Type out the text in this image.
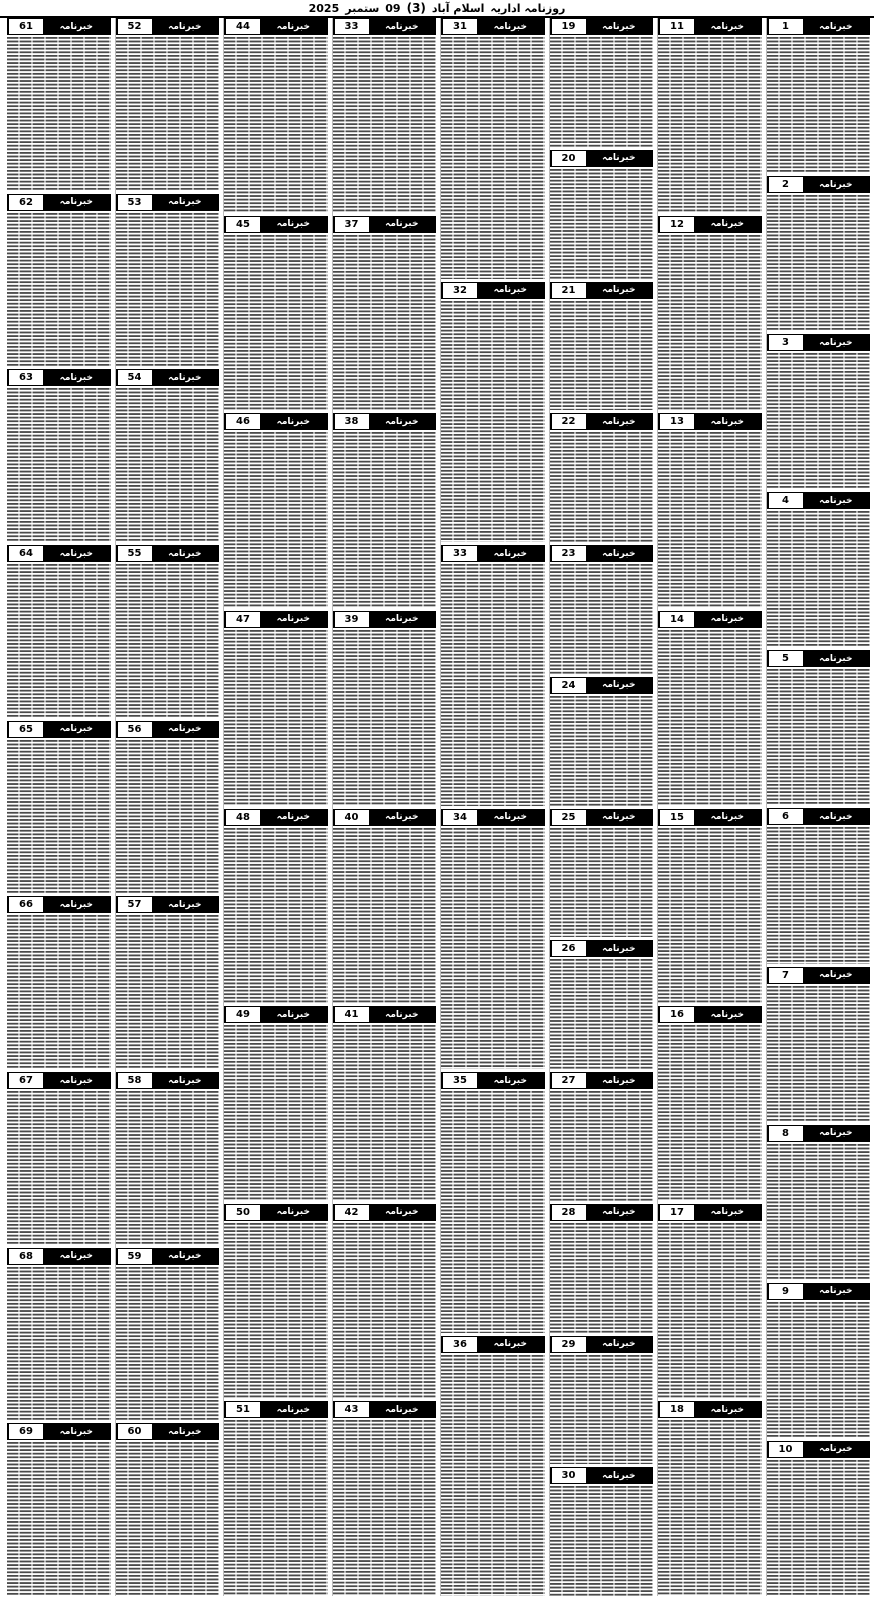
روزنامہ اداریہ
اسلام آباد
(3)
09
ستمبر
2025
خبرنامہ
1
خبرنامہ
2
خبرنامہ
3
خبرنامہ
4
خبرنامہ
5
خبرنامہ
6
خبرنامہ
7
خبرنامہ
8
خبرنامہ
9
خبرنامہ
10
خبرنامہ
11
خبرنامہ
12
خبرنامہ
13
خبرنامہ
14
خبرنامہ
15
خبرنامہ
16
خبرنامہ
17
خبرنامہ
18
خبرنامہ
19
خبرنامہ
20
خبرنامہ
21
خبرنامہ
22
خبرنامہ
23
خبرنامہ
24
خبرنامہ
25
خبرنامہ
26
خبرنامہ
27
خبرنامہ
28
خبرنامہ
29
خبرنامہ
30
خبرنامہ
31
خبرنامہ
32
خبرنامہ
33
خبرنامہ
34
خبرنامہ
35
خبرنامہ
36
خبرنامہ
33
خبرنامہ
37
خبرنامہ
38
خبرنامہ
39
خبرنامہ
40
خبرنامہ
41
خبرنامہ
42
خبرنامہ
43
خبرنامہ
44
خبرنامہ
45
خبرنامہ
46
خبرنامہ
47
خبرنامہ
48
خبرنامہ
49
خبرنامہ
50
خبرنامہ
51
خبرنامہ
52
خبرنامہ
53
خبرنامہ
54
خبرنامہ
55
خبرنامہ
56
خبرنامہ
57
خبرنامہ
58
خبرنامہ
59
خبرنامہ
60
خبرنامہ
61
خبرنامہ
62
خبرنامہ
63
خبرنامہ
64
خبرنامہ
65
خبرنامہ
66
خبرنامہ
67
خبرنامہ
68
خبرنامہ
69
